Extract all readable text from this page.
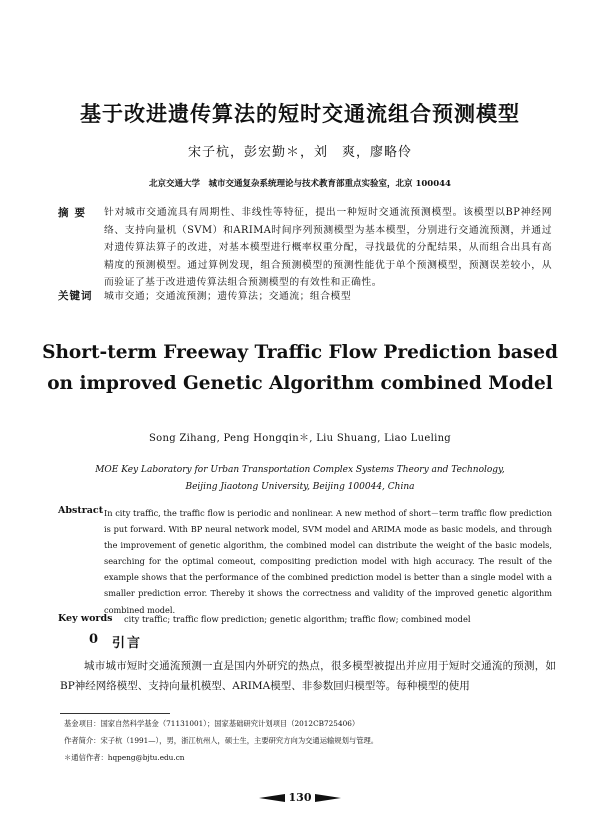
基于改进遗传算法的短时交通流组合预测模型
宋子杭，彭宏勤＊，刘　爽，廖略伶
北京交通大学　城市交通复杂系统理论与技术教育部重点实验室，北京 100044
摘要	针对城市交通流具有周期性、非线性等特征，提出一种短时交通流预测模型。该模型以BP神经网络、支持向量机（SVM）和ARIMA时间序列预测模型为基本模型，分别进行交通流预测，并通过对遗传算法算子的改进，对基本模型进行概率权重分配，寻找最优的分配结果，从而组合出具有高精度的预测模型。通过算例发现，组合预测模型的预测性能优于单个预测模型，预测误差较小，从而验证了基于改进遗传算法组合预测模型的有效性和正确性。
关键词	城市交通；交通流预测；遗传算法；交通流；组合模型
Short-term Freeway Traffic Flow Prediction based on improved Genetic Algorithm combined Model
Song Zihang, Peng Hongqin＊, Liu Shuang, Liao Lueling
MOE Key Laboratory for Urban Transportation Complex Systems Theory and Technology,
Beijing Jiaotong University, Beijing 100044, China
Abstract In city traffic, the traffic flow is periodic and nonlinear. A new method of short－term traffic flow prediction is put forward. With BP neural network model, SVM model and ARIMA mode as basic models, and through the improvement of genetic algorithm, the combined model can distribute the weight of the basic models, searching for the optimal comeout, compositing prediction model with high accuracy. The result of the example shows that the performance of the combined prediction model is better than a single model with a smaller prediction error. Thereby it shows the correctness and validity of the improved genetic algorithm combined model.
Key words city traffic; traffic flow prediction; genetic algorithm; traffic flow; combined model
0 引言
城市城市短时交通流预测一直是国内外研究的热点，很多模型被提出并应用于短时交通流的预测，如BP神经网络模型、支持向量机模型、ARIMA模型、非参数回归模型等。每种模型的使用
基金项目：国家自然科学基金（71131001）；国家基础研究计划项目（2012CB725406）
作者简介：宋子杭（1991—），男，浙江杭州人，硕士生，主要研究方向为交通运输规划与管理。
＊通信作者：hqpeng@bjtu.edu.cn
130
